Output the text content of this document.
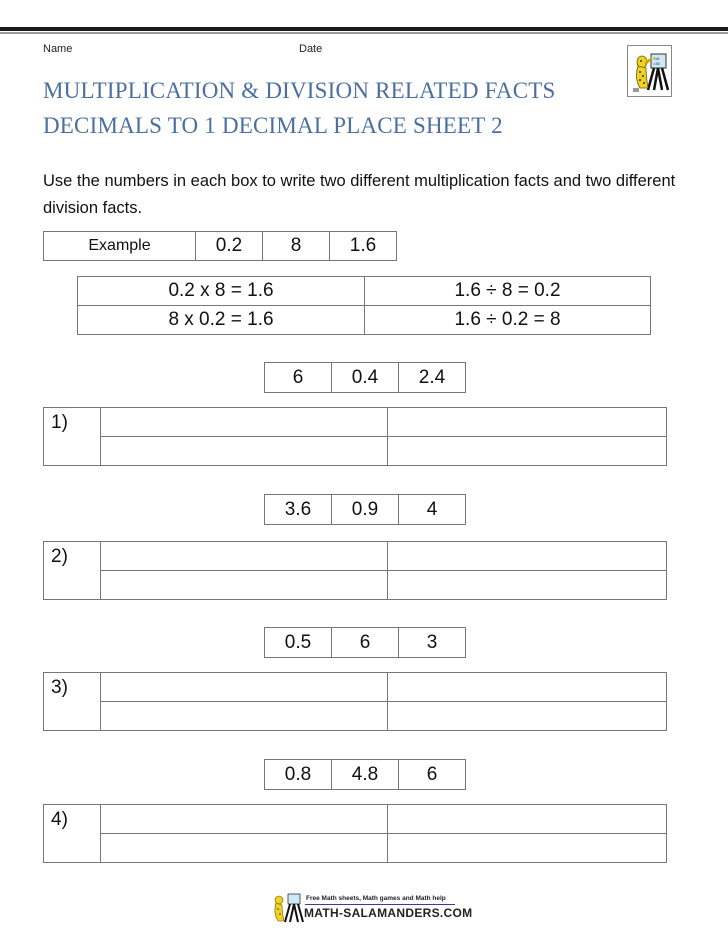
Name	Date
7x5
=35
MULTIPLICATION & DIVISION RELATED FACTS
DECIMALS TO 1 DECIMAL PLACE SHEET 2
Use the numbers in each box to write two different multiplication facts and two different division facts.
Example	0.2	8	1.6
0.2 x 8 = 1.6	1.6 ÷ 8 = 0.2
8 x 0.2 = 1.6	1.6 ÷ 0.2 = 8
6	0.4	2.4
1)		

3.6	0.9	4
2)		

0.5	6	3
3)		

0.8	4.8	6
4)		

Free Math sheets, Math games and Math help
MATH-SALAMANDERS.COM
